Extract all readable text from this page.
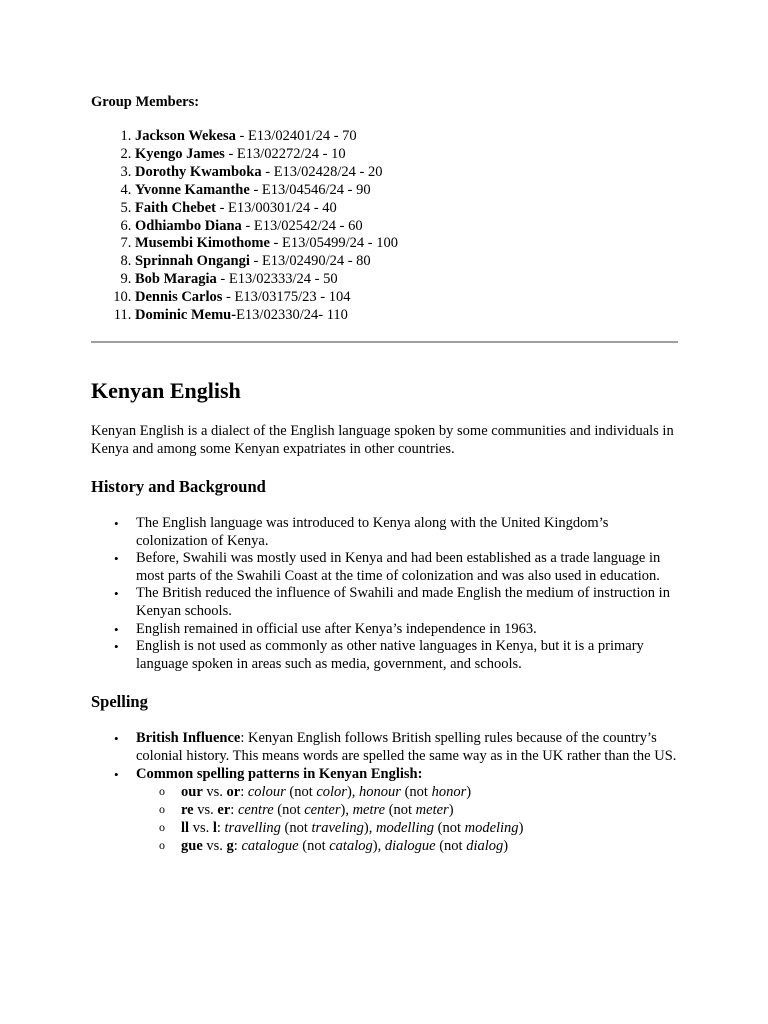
Group Members:
1. Jackson Wekesa - E13/02401/24 - 70
2. Kyengo James - E13/02272/24 - 10
3. Dorothy Kwamboka - E13/02428/24 - 20
4. Yvonne Kamanthe - E13/04546/24 - 90
5. Faith Chebet - E13/00301/24 - 40
6. Odhiambo Diana - E13/02542/24 - 60
7. Musembi Kimothome - E13/05499/24 - 100
8. Sprinnah Ongangi - E13/02490/24 - 80
9. Bob Maragia - E13/02333/24 - 50
10. Dennis Carlos - E13/03175/23 - 104
11. Dominic Memu-E13/02330/24- 110
Kenyan English

Kenyan English is a dialect of the English language spoken by some communities and individuals in Kenya and among some Kenyan expatriates in other countries.

History and Background
• The English language was introduced to Kenya along with the United Kingdom’s colonization of Kenya.
• Before, Swahili was mostly used in Kenya and had been established as a trade language in most parts of the Swahili Coast at the time of colonization and was also used in education.
• The British reduced the influence of Swahili and made English the medium of instruction in Kenyan schools.
• English remained in official use after Kenya’s independence in 1963.
• English is not used as commonly as other native languages in Kenya, but it is a primary language spoken in areas such as media, government, and schools.
Spelling
• British Influence: Kenyan English follows British spelling rules because of the country’s colonial history. This means words are spelled the same way as in the UK rather than the US.
• Common spelling patterns in Kenyan English:
o our vs. or: colour (not color), honour (not honor)
o re vs. er: centre (not center), metre (not meter)
o ll vs. l: travelling (not traveling), modelling (not modeling)
o gue vs. g: catalogue (not catalog), dialogue (not dialog)
